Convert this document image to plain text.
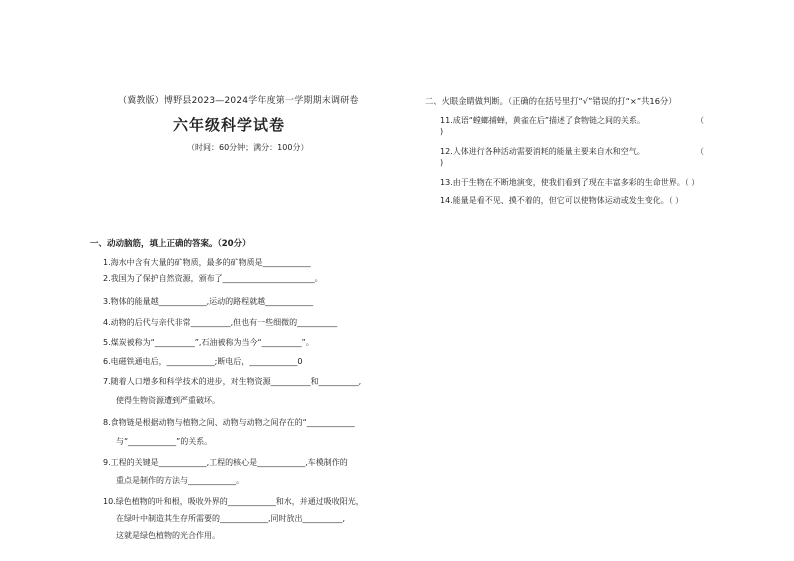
（冀教版）博野县2023—2024学年度第一学期期末调研卷
六年级科学试卷
（时间：60分钟；满分：100分）
一、动动脑筋，填上正确的答案。（20分）
1.海水中含有大量的矿物质，最多的矿物质是____________
2.我国为了保护自然资源，颁布了_______________________。
3.物体的能量越____________,运动的路程就越____________
4.动物的后代与亲代非常__________,但也有一些细微的__________
5.煤炭被称为“__________”,石油被称为当今“__________”。
6.电磁铁通电后，____________;断电后，____________0
7.随着人口增多和科学技术的进步，对生物资源__________和__________,
使得生物资源遭到严重破坏。
8.食物链是根据动物与植物之间、动物与动物之间存在的“____________
与“____________”的关系。
9.工程的关键是____________,工程的核心是____________,车模制作的
重点是制作的方法与____________。
10.绿色植物的叶和根，吸收外界的____________和水，并通过吸收阳光，
在绿叶中制造其生存所需要的____________,同时放出__________,
这就是绿色植物的光合作用。
二、火眼金睛做判断。（正确的在括号里打“√”错误的打“×”共16分）
11.成语“螳螂捕蝉，黄雀在后”描述了食物链之间的关系。	（
)
12.人体进行各种活动需要消耗的能量主要来自水和空气。	（
)
13.由于生物在不断地演变，使我们看到了现在丰富多彩的生命世界。（ ）
14.能量是看不见、摸不着的，但它可以使物体运动或发生变化。（ ）
